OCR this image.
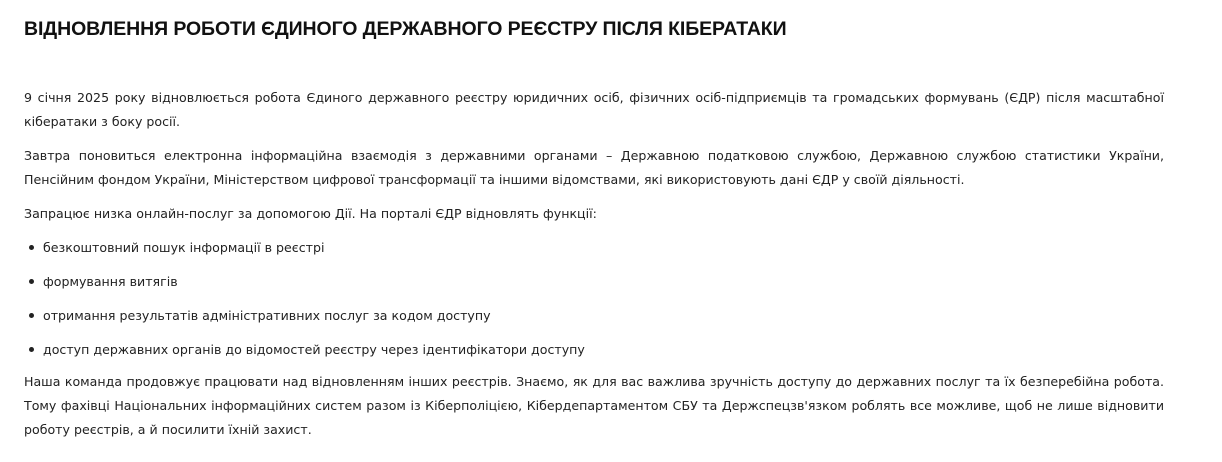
ВІДНОВЛЕННЯ РОБОТИ ЄДИНОГО ДЕРЖАВНОГО РЕЄСТРУ ПІСЛЯ КІБЕРАТАКИ
9 січня 2025 року відновлюється робота Єдиного державного реєстру юридичних осіб, фізичних осіб-підприємців та громадських формувань (ЄДР) після масштабної кібератаки з боку росії.
Завтра поновиться електронна інформаційна взаємодія з державними органами – Державною податковою службою, Державною службою статистики України, Пенсійним фондом України, Міністерством цифрової трансформації та іншими відомствами, які використовують дані ЄДР у своїй діяльності.
Запрацює низка онлайн-послуг за допомогою Дії. На порталі ЄДР відновлять функції:
безкоштовний пошук інформації в реєстрі
формування витягів
отримання результатів адміністративних послуг за кодом доступу
доступ державних органів до відомостей реєстру через ідентифікатори доступу
Наша команда продовжує працювати над відновленням інших реєстрів. Знаємо, як для вас важлива зручність доступу до державних послуг та їх безперебійна робота. Тому фахівці Національних інформаційних систем разом із Кіберполіцією, Кібердепартаментом СБУ та Держспецзв'язком роблять все можливе, щоб не лише відновити роботу реєстрів, а й посилити їхній захист.
